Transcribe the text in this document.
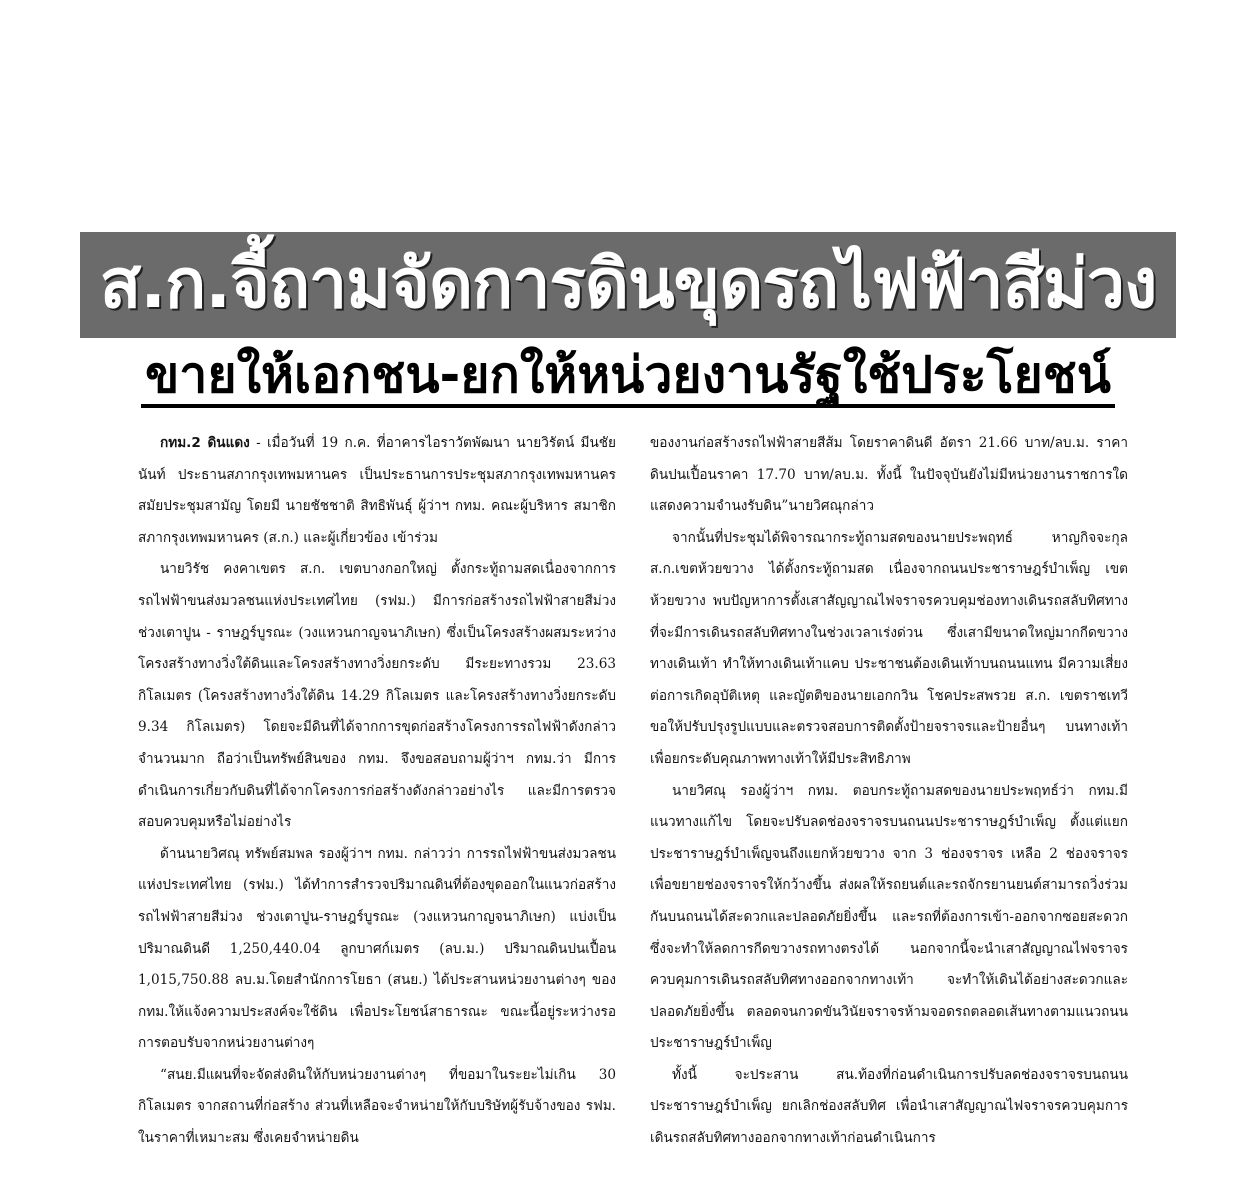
ส.ก.จี้ถามจัดการดินขุดรถไฟฟ้าสีม่วง
ขายให้เอกชน-ยกให้หน่วยงานรัฐใช้ประโยชน์

กทม.2 ดินแดง - เมื่อวันที่ 19 ก.ค. ที่อาคารไอราวัตพัฒนา นายวิรัตน์ มีนชัยนันท์ ประธานสภากรุงเทพมหานคร เป็นประธานการประชุมสภากรุงเทพมหานครสมัยประชุมสามัญ โดยมี นายชัชชาติ สิทธิพันธุ์ ผู้ว่าฯ กทม. คณะผู้บริหาร สมาชิกสภากรุงเทพมหานคร (ส.ก.) และผู้เกี่ยวข้อง เข้าร่วม

นายวิรัช คงคาเขตร ส.ก. เขตบางกอกใหญ่ ตั้งกระทู้ถามสดเนื่องจากการรถไฟฟ้าขนส่งมวลชนแห่งประเทศไทย (รฟม.) มีการก่อสร้างรถไฟฟ้าสายสีม่วง ช่วงเตาปูน - ราษฎร์บูรณะ (วงแหวนกาญจนาภิเษก) ซึ่งเป็นโครงสร้างผสมระหว่างโครงสร้างทางวิ่งใต้ดินและโครงสร้างทางวิ่งยกระดับ มีระยะทางรวม 23.63 กิโลเมตร (โครงสร้างทางวิ่งใต้ดิน 14.29 กิโลเมตร และโครงสร้างทางวิ่งยกระดับ 9.34 กิโลเมตร) โดยจะมีดินที่ได้จากการขุดก่อสร้างโครงการรถไฟฟ้าดังกล่าวจำนวนมาก ถือว่าเป็นทรัพย์สินของ กทม. จึงขอสอบถามผู้ว่าฯ กทม.ว่า มีการดำเนินการเกี่ยวกับดินที่ได้จากโครงการก่อสร้างดังกล่าวอย่างไร และมีการตรวจสอบควบคุมหรือไม่อย่างไร

ด้านนายวิศณุ ทรัพย์สมพล รองผู้ว่าฯ กทม. กล่าวว่า การรถไฟฟ้าขนส่งมวลชนแห่งประเทศไทย (รฟม.) ได้ทำการสำรวจปริมาณดินที่ต้องขุดออกในแนวก่อสร้างรถไฟฟ้าสายสีม่วง ช่วงเตาปูน-ราษฎร์บูรณะ (วงแหวนกาญจนาภิเษก) แบ่งเป็น ปริมาณดินดี 1,250,440.04 ลูกบาศก์เมตร (ลบ.ม.) ปริมาณดินปนเปื้อน 1,015,750.88 ลบ.ม.โดยสำนักการโยธา (สนย.) ได้ประสานหน่วยงานต่างๆ ของ กทม.ให้แจ้งความประสงค์จะใช้ดิน เพื่อประโยชน์สาธารณะ ขณะนี้อยู่ระหว่างรอการตอบรับจากหน่วยงานต่างๆ

“สนย.มีแผนที่จะจัดส่งดินให้กับหน่วยงานต่างๆ ที่ขอมาในระยะไม่เกิน 30 กิโลเมตร จากสถานที่ก่อสร้าง ส่วนที่เหลือจะจำหน่ายให้กับบริษัทผู้รับจ้างของ รฟม. ในราคาที่เหมาะสม ซึ่งเคยจำหน่ายดิน

ของงานก่อสร้างรถไฟฟ้าสายสีส้ม โดยราคาดินดี อัตรา 21.66 บาท/ลบ.ม. ราคาดินปนเปื้อนราคา 17.70 บาท/ลบ.ม. ทั้งนี้ ในปัจจุบันยังไม่มีหน่วยงานราชการใดแสดงความจำนงรับดิน”นายวิศณุกล่าว

จากนั้นที่ประชุมได้พิจารณากระทู้ถามสดของนายประพฤทธ์ หาญกิจจะกุล ส.ก.เขตห้วยขวาง ได้ตั้งกระทู้ถามสด เนื่องจากถนนประชาราษฎร์บำเพ็ญ เขตห้วยขวาง พบปัญหาการตั้งเสาสัญญาณไฟจราจรควบคุมช่องทางเดินรถสลับทิศทาง ที่จะมีการเดินรถสลับทิศทางในช่วงเวลาเร่งด่วน ซึ่งเสามีขนาดใหญ่มากกีดขวางทางเดินเท้า ทำให้ทางเดินเท้าแคบ ประชาชนต้องเดินเท้าบนถนนแทน มีความเสี่ยงต่อการเกิดอุบัติเหตุ และญัตติของนายเอกกวิน โชคประสพรวย ส.ก. เขตราชเทวี ขอให้ปรับปรุงรูปแบบและตรวจสอบการติดตั้งป้ายจราจรและป้ายอื่นๆ บนทางเท้า เพื่อยกระดับคุณภาพทางเท้าให้มีประสิทธิภาพ

นายวิศณุ รองผู้ว่าฯ กทม. ตอบกระทู้ถามสดของนายประพฤทธ์ว่า กทม.มีแนวทางแก้ไข โดยจะปรับลดช่องจราจรบนถนนประชาราษฎร์บำเพ็ญ ตั้งแต่แยกประชาราษฎร์บำเพ็ญจนถึงแยกห้วยขวาง จาก 3 ช่องจราจร เหลือ 2 ช่องจราจร เพื่อขยายช่องจราจรให้กว้างขึ้น ส่งผลให้รถยนต์และรถจักรยานยนต์สามารถวิ่งร่วมกันบนถนนได้สะดวกและปลอดภัยยิ่งขึ้น และรถที่ต้องการเข้า-ออกจากซอยสะดวก ซึ่งจะทำให้ลดการกีดขวางรถทางตรงได้ นอกจากนี้จะนำเสาสัญญาณไฟจราจรควบคุมการเดินรถสลับทิศทางออกจากทางเท้า จะทำให้เดินได้อย่างสะดวกและปลอดภัยยิ่งขึ้น ตลอดจนกวดขันวินัยจราจรห้ามจอดรถตลอดเส้นทางตามแนวถนนประชาราษฎร์บำเพ็ญ

ทั้งนี้ จะประสาน สน.ท้องที่ก่อนดำเนินการปรับลดช่องจราจรบนถนนประชาราษฎร์บำเพ็ญ ยกเลิกช่องสลับทิศ เพื่อนำเสาสัญญาณไฟจราจรควบคุมการเดินรถสลับทิศทางออกจากทางเท้าก่อนดำเนินการ
